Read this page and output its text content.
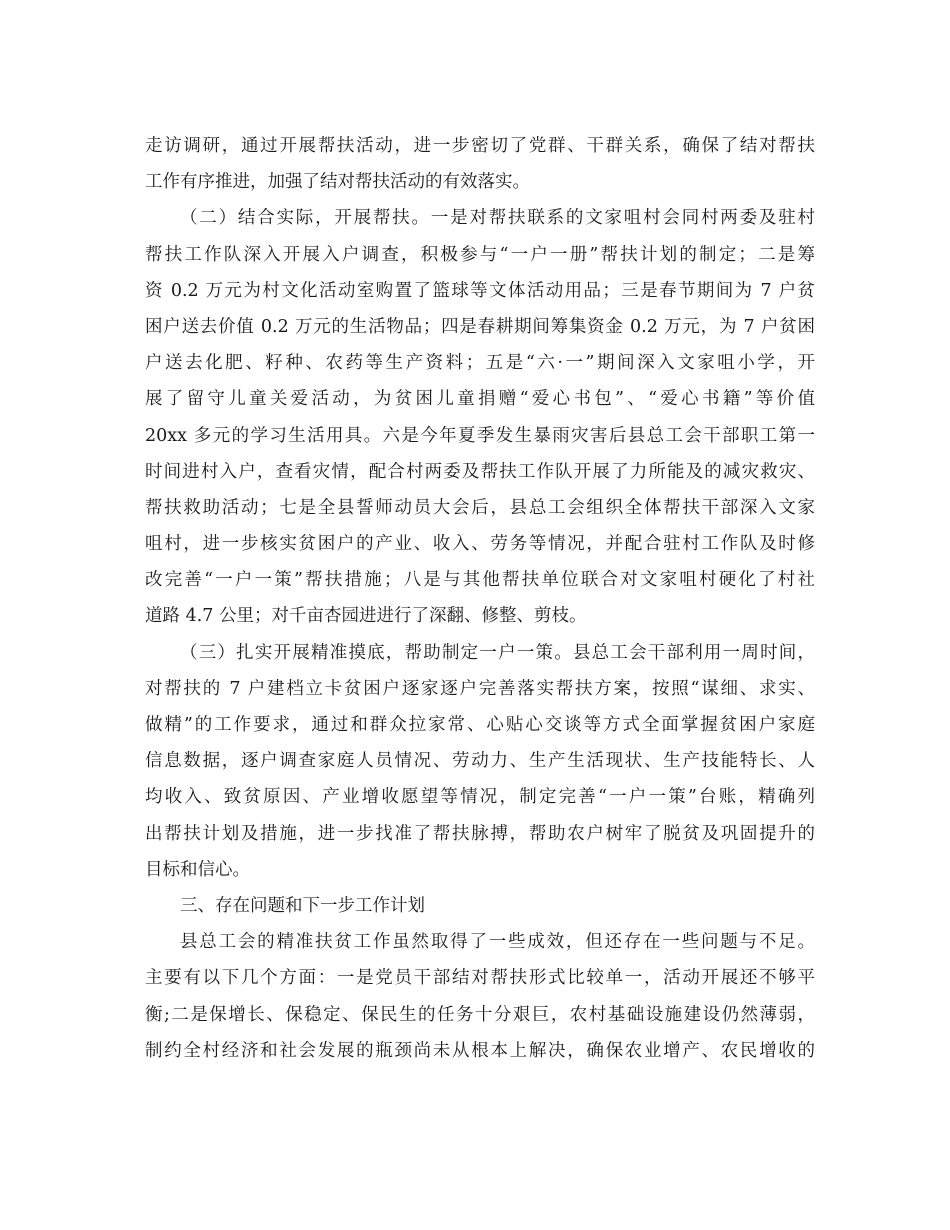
走访调研，通过开展帮扶活动，进一步密切了党群、干群关系，确保了结对帮扶
工作有序推进，加强了结对帮扶活动的有效落实。
（二）结合实际，开展帮扶。一是对帮扶联系的文家咀村会同村两委及驻村
帮扶工作队深入开展入户调查，积极参与“一户一册”帮扶计划的制定；二是筹
资 0.2 万元为村文化活动室购置了篮球等文体活动用品；三是春节期间为 7 户贫
困户送去价值 0.2 万元的生活物品；四是春耕期间筹集资金 0.2 万元，为 7 户贫困
户送去化肥、籽种、农药等生产资料；五是“六·一”期间深入文家咀小学，开
展了留守儿童关爱活动，为贫困儿童捐赠“爱心书包”、“爱心书籍”等价值
20xx 多元的学习生活用具。六是今年夏季发生暴雨灾害后县总工会干部职工第一
时间进村入户，查看灾情，配合村两委及帮扶工作队开展了力所能及的减灾救灾、
帮扶救助活动；七是全县誓师动员大会后，县总工会组织全体帮扶干部深入文家
咀村，进一步核实贫困户的产业、收入、劳务等情况，并配合驻村工作队及时修
改完善“一户一策”帮扶措施；八是与其他帮扶单位联合对文家咀村硬化了村社
道路 4.7 公里；对千亩杏园进进行了深翻、修整、剪枝。
（三）扎实开展精准摸底，帮助制定一户一策。县总工会干部利用一周时间，
对帮扶的 7 户建档立卡贫困户逐家逐户完善落实帮扶方案，按照“谋细、求实、
做精”的工作要求，通过和群众拉家常、心贴心交谈等方式全面掌握贫困户家庭
信息数据，逐户调查家庭人员情况、劳动力、生产生活现状、生产技能特长、人
均收入、致贫原因、产业增收愿望等情况，制定完善“一户一策”台账，精确列
出帮扶计划及措施，进一步找准了帮扶脉搏，帮助农户树牢了脱贫及巩固提升的
目标和信心。
三、存在问题和下一步工作计划
县总工会的精准扶贫工作虽然取得了一些成效，但还存在一些问题与不足。
主要有以下几个方面：一是党员干部结对帮扶形式比较单一，活动开展还不够平
衡;二是保增长、保稳定、保民生的任务十分艰巨，农村基础设施建设仍然薄弱，
制约全村经济和社会发展的瓶颈尚未从根本上解决，确保农业增产、农民增收的
